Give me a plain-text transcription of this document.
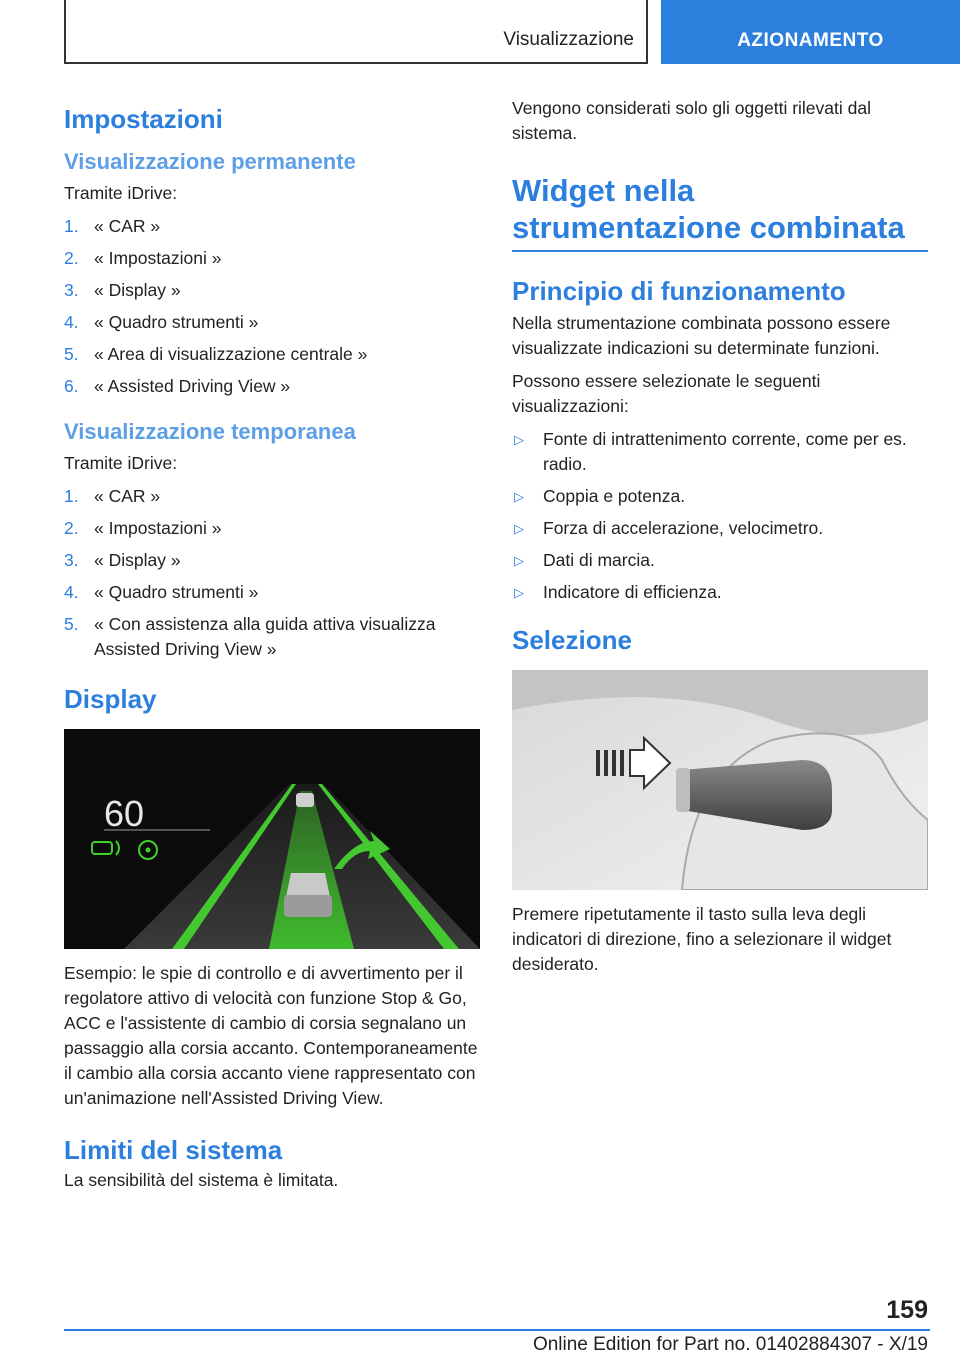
Visualizzazione	AZIONAMENTO
Impostazioni
Visualizzazione permanente

Tramite iDrive:

1. « CAR »
2. « Impostazioni »
3. « Display »
4. « Quadro strumenti »
5. « Area di visualizzazione centrale »
6. « Assisted Driving View »
Visualizzazione temporanea

Tramite iDrive:

1. « CAR »
2. « Impostazioni »
3. « Display »
4. « Quadro strumenti »
5. « Con assistenza alla guida attiva visualizza Assisted Driving View »
Display
60

Esempio: le spie di controllo e di avvertimento per il regolatore attivo di velocità con funzione Stop & Go, ACC e l'assistente di cambio di corsia segnalano un passaggio alla corsia accanto. Contemporaneamente il cambio alla corsia accanto viene rappresentato con un'animazione nell'Assisted Driving View.

Limiti del sistema

La sensibilità del sistema è limitata.

Vengono considerati solo gli oggetti rilevati dal sistema.

Widget nella strumentazione combinata
Principio di funzionamento

Nella strumentazione combinata possono essere visualizzate indicazioni su determinate funzioni.

Possono essere selezionate le seguenti visualizzazioni:

▷	Fonte di intrattenimento corrente, come per es. radio.
▷	Coppia e potenza.
▷	Forza di accelerazione, velocimetro.
▷	Dati di marcia.
▷	Indicatore di efficienza.
Selezione

Premere ripetutamente il tasto sulla leva degli indicatori di direzione, fino a selezionare il widget desiderato.

159
Online Edition for Part no. 01402884307 - X/19
